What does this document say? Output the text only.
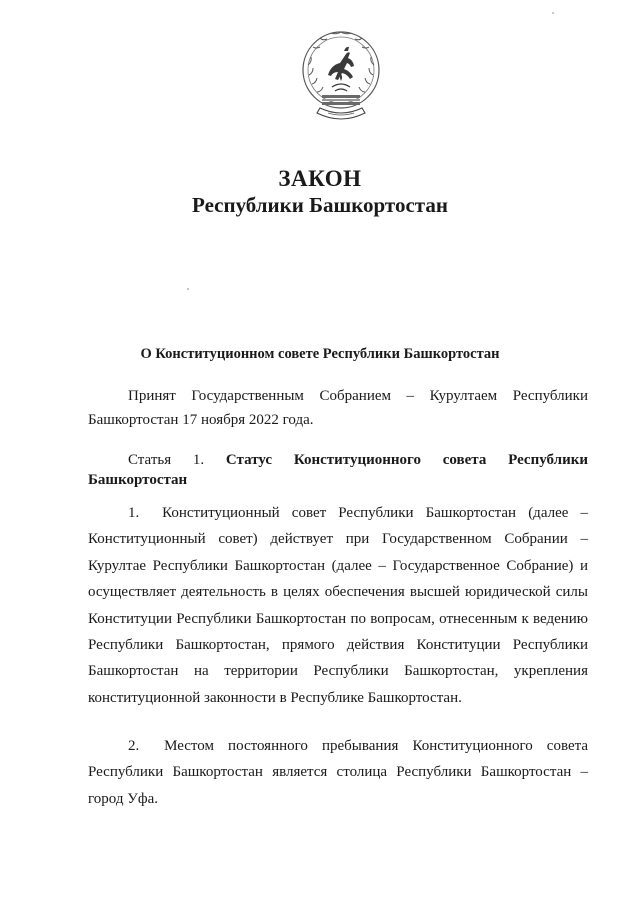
ЗАКОН
Республики Башкортостан
О Конституционном совете Республики Башкортостан
Принят Государственным Собранием – Курултаем Республики Башкортостан 17 ноября 2022 года.
Статья 1. Статус Конституционного совета Республики Башкортостан
1. Конституционный совет Республики Башкортостан (далее – Конституционный совет) действует при Государственном Собрании – Курултае Республики Башкортостан (далее – Государственное Собрание) и осуществляет деятельность в целях обеспечения высшей юридической силы Конституции Республики Башкортостан по вопросам, отнесенным к ведению Республики Башкортостан, прямого действия Конституции Республики Башкортостан на территории Республики Башкортостан, укрепления конституционной законности в Республике Башкортостан.
2. Местом постоянного пребывания Конституционного совета Республики Башкортостан является столица Республики Башкортостан – город Уфа.
